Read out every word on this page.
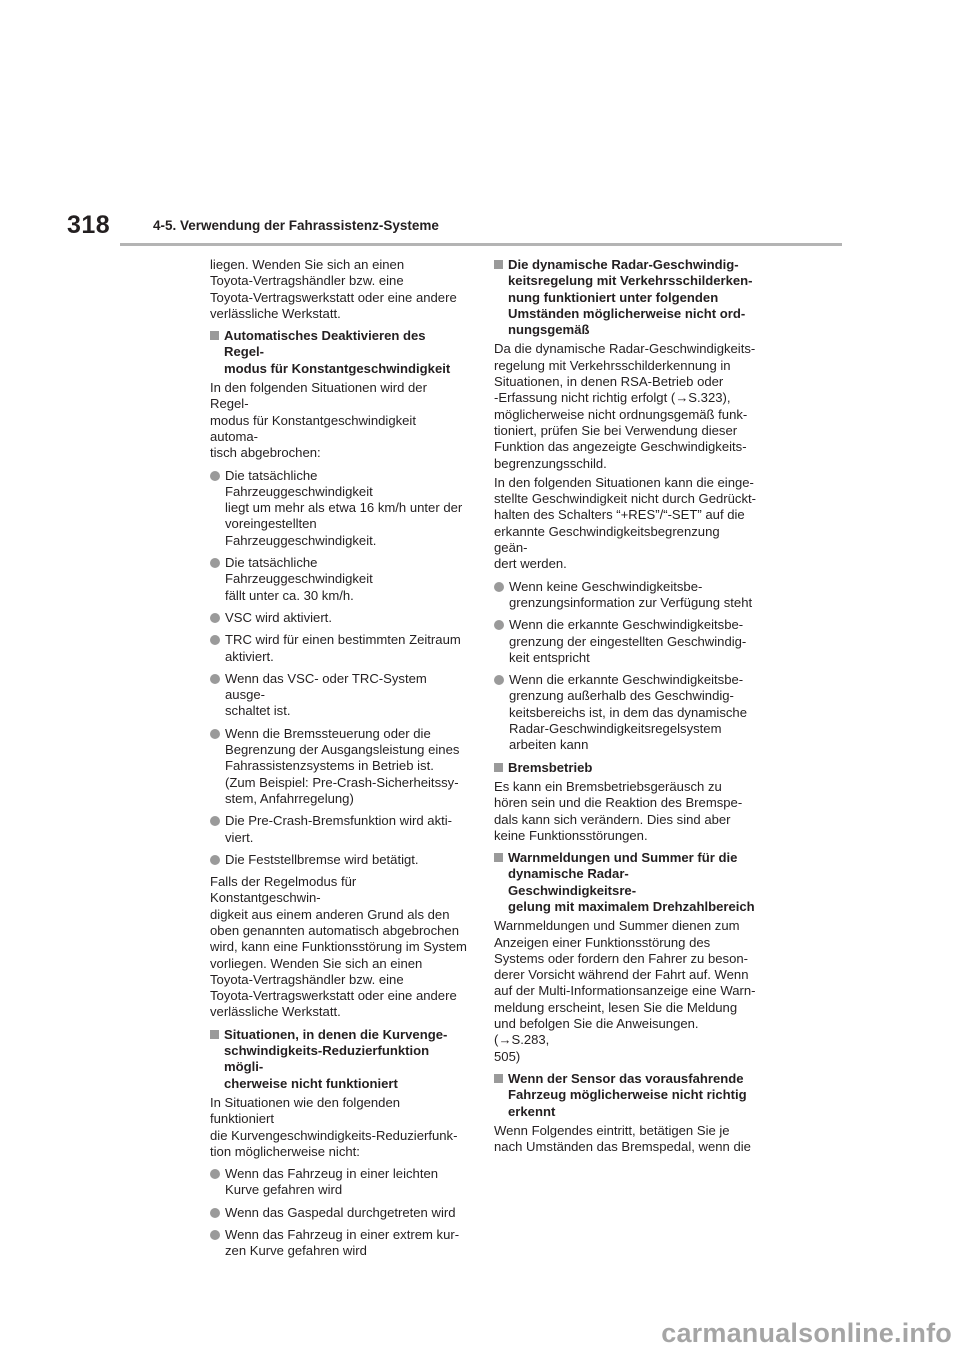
318	4-5. Verwendung der Fahrassistenz-Systeme

liegen. Wenden Sie sich an einen
Toyota-Vertragshändler bzw. eine
Toyota-Vertragswerkstatt oder eine andere
verlässliche Werkstatt.

Automatisches Deaktivieren des Regel-
modus für Konstantgeschwindigkeit

In den folgenden Situationen wird der Regel-
modus für Konstantgeschwindigkeit automa-
tisch abgebrochen:

Die tatsächliche Fahrzeuggeschwindigkeit
liegt um mehr als etwa 16 km/h unter der
voreingestellten Fahrzeuggeschwindigkeit.
Die tatsächliche Fahrzeuggeschwindigkeit
fällt unter ca. 30 km/h.
VSC wird aktiviert.
TRC wird für einen bestimmten Zeitraum
aktiviert.
Wenn das VSC- oder TRC-System ausge-
schaltet ist.
Wenn die Bremssteuerung oder die
Begrenzung der Ausgangsleistung eines
Fahrassistenzsystems in Betrieb ist.
(Zum Beispiel: Pre-Crash-Sicherheitssy-
stem, Anfahrregelung)
Die Pre-Crash-Bremsfunktion wird akti-
viert.
Die Feststellbremse wird betätigt.

Falls der Regelmodus für Konstantgeschwin-
digkeit aus einem anderen Grund als den
oben genannten automatisch abgebrochen
wird, kann eine Funktionsstörung im System
vorliegen. Wenden Sie sich an einen
Toyota-Vertragshändler bzw. eine
Toyota-Vertragswerkstatt oder eine andere
verlässliche Werkstatt.

Situationen, in denen die Kurvenge-
schwindigkeits-Reduzierfunktion mögli-
cherweise nicht funktioniert

In Situationen wie den folgenden funktioniert
die Kurvengeschwindigkeits-Reduzierfunk-
tion möglicherweise nicht:

Wenn das Fahrzeug in einer leichten
Kurve gefahren wird
Wenn das Gaspedal durchgetreten wird
Wenn das Fahrzeug in einer extrem kur-
zen Kurve gefahren wird
Die dynamische Radar-Geschwindig-
keitsregelung mit Verkehrsschilderken-
nung funktioniert unter folgenden
Umständen möglicherweise nicht ord-
nungsgemäß

Da die dynamische Radar-Geschwindigkeits-
regelung mit Verkehrsschilderkennung in
Situationen, in denen RSA-Betrieb oder
-Erfassung nicht richtig erfolgt (→S.323),
möglicherweise nicht ordnungsgemäß funk-
tioniert, prüfen Sie bei Verwendung dieser
Funktion das angezeigte Geschwindigkeits-
begrenzungsschild.

In den folgenden Situationen kann die einge-
stellte Geschwindigkeit nicht durch Gedrückt-
halten des Schalters “+RES”/“-SET” auf die
erkannte Geschwindigkeitsbegrenzung geän-
dert werden.

Wenn keine Geschwindigkeitsbe-
grenzungsinformation zur Verfügung steht
Wenn die erkannte Geschwindigkeitsbe-
grenzung der eingestellten Geschwindig-
keit entspricht
Wenn die erkannte Geschwindigkeitsbe-
grenzung außerhalb des Geschwindig-
keitsbereichs ist, in dem das dynamische
Radar-Geschwindigkeitsregelsystem
arbeiten kann
Bremsbetrieb

Es kann ein Bremsbetriebsgeräusch zu
hören sein und die Reaktion des Bremspe-
dals kann sich verändern. Dies sind aber
keine Funktionsstörungen.

Warnmeldungen und Summer für die
dynamische Radar-Geschwindigkeitsre-
gelung mit maximalem Drehzahlbereich

Warnmeldungen und Summer dienen zum
Anzeigen einer Funktionsstörung des
Systems oder fordern den Fahrer zu beson-
derer Vorsicht während der Fahrt auf. Wenn
auf der Multi-Informationsanzeige eine Warn-
meldung erscheint, lesen Sie die Meldung
und befolgen Sie die Anweisungen. (→S.283,
505)

Wenn der Sensor das vorausfahrende
Fahrzeug möglicherweise nicht richtig
erkennt

Wenn Folgendes eintritt, betätigen Sie je
nach Umständen das Bremspedal, wenn die

carmanualsonline.info
